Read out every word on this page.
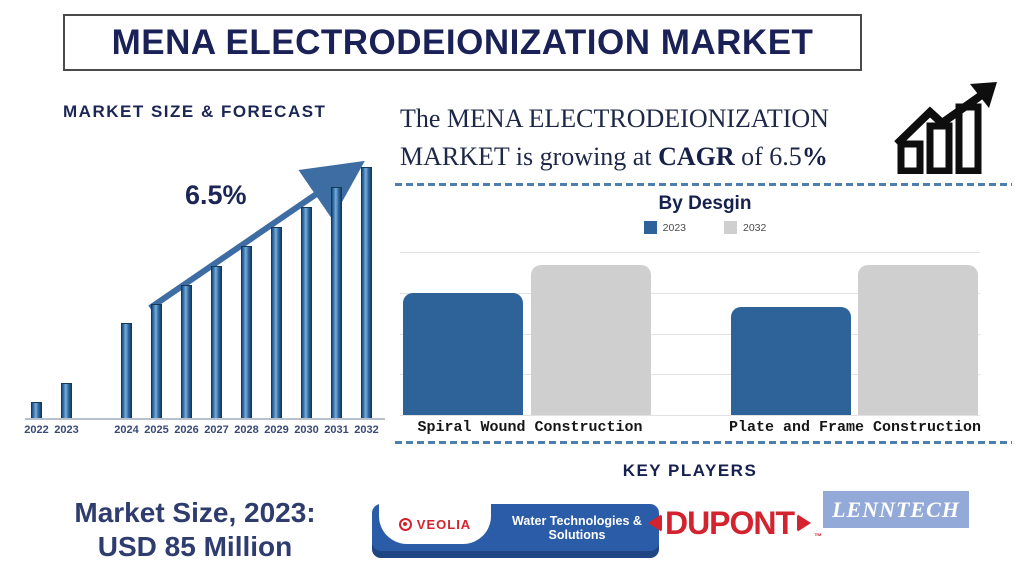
MENA ELECTRODEIONIZATION MARKET
MARKET SIZE & FORECAST
6.5%
2022 2023	2024 2025 2026 2027 2028 2029 2030 2031 2032
The MENA ELECTRODEIONIZATION
MARKET is growing at CAGR of 6.5%
By Desgin
2023	2032
Spiral Wound Construction	Plate and Frame Construction
KEY PLAYERS
VEOLIA	Water Technologies & Solutions	DUPONT	™
LENNTECH
Market Size, 2023:
USD 85 Million
